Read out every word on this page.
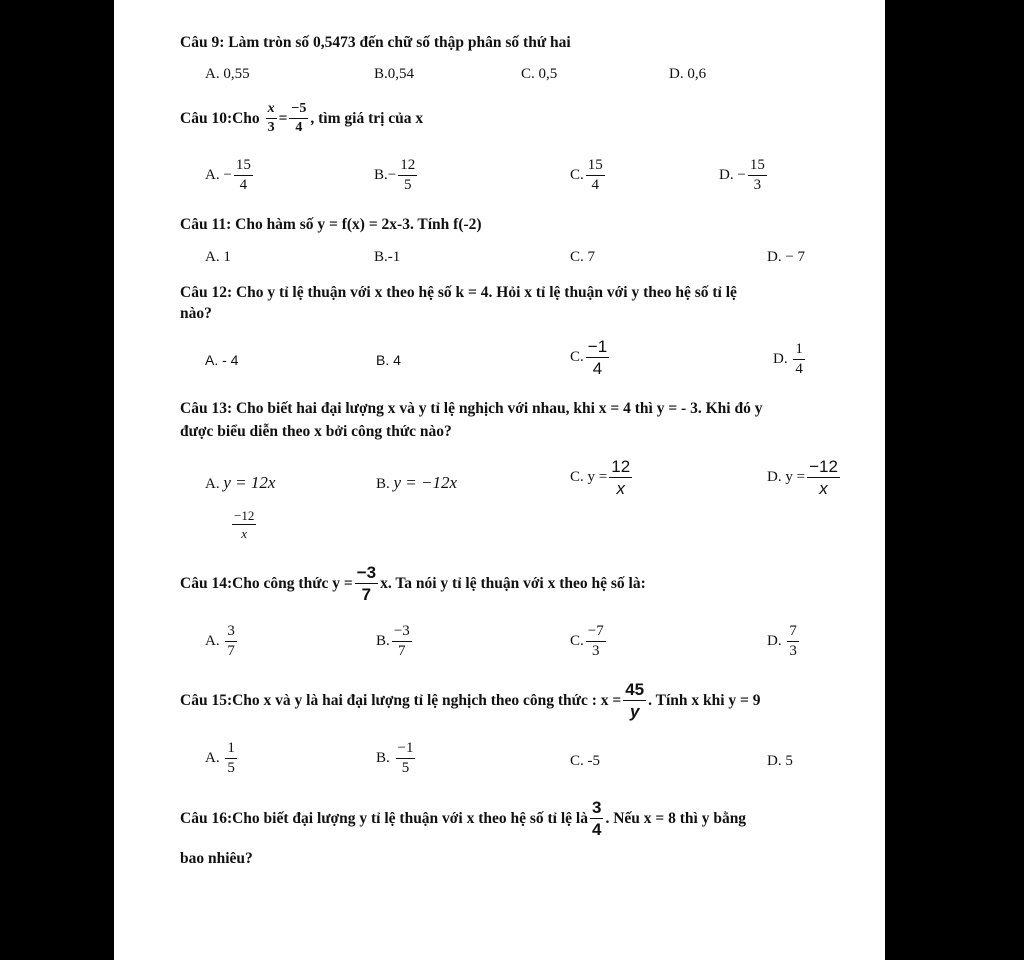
Câu 9: Làm tròn số 0,5473 đến chữ số thập phân số thứ hai
A. 0,55	B.0,54	C. 0,5	D. 0,6
Câu 10:Cho $\frac{x}{3} = \frac{-5}{4}$ , tìm giá trị của x
A. − $\frac{15}{4}$	$B.- \frac{12}{5}$	C. $\frac{15}{4}$	D. − $\frac{15}{3}$
Câu 11: Cho hàm số y = f(x) = 2x-3. Tính f(-2)
A. 1	B.-1	C. 7	D. − 7
Câu 12: Cho y tỉ lệ thuận với x theo hệ số k = 4. Hỏi x tỉ lệ thuận với y theo hệ số tỉ lệ
nào?
A. - 4	B. 4	C. $\frac{-1}{4}$	D. $\frac{1}{4}$
Câu 13: Cho biết hai đại lượng x và y tỉ lệ nghịch với nhau, khi x = 4 thì y = - 3. Khi đó y
được biểu diễn theo x bởi công thức nào?
A. y = 12x	B. y = −12x	C. $y = \frac{12}{x}$	D. $y = \frac{-12}{x}$
$\frac{-12}{x}$
Câu 14:Cho công thức $y = \frac{-3}{7} x$. Ta nói y tỉ lệ thuận với x theo hệ số là:
A. $\frac{3}{7}$	B. $\frac{-3}{7}$	C. $\frac{-7}{3}$	D. $\frac{7}{3}$
Câu 15:Cho x và y là hai đại lượng tỉ lệ nghịch theo công thức : $x = \frac{45}{y}$ . Tính x khi y = 9
A. $\frac{1}{5}$	B. $\frac{-1}{5}$	C. -5	D. 5
Câu 16:Cho biết đại lượng y tỉ lệ thuận với x theo hệ số tỉ lệ là $\frac{3}{4}$ . Nếu x = 8 thì y bằng
bao nhiêu?
